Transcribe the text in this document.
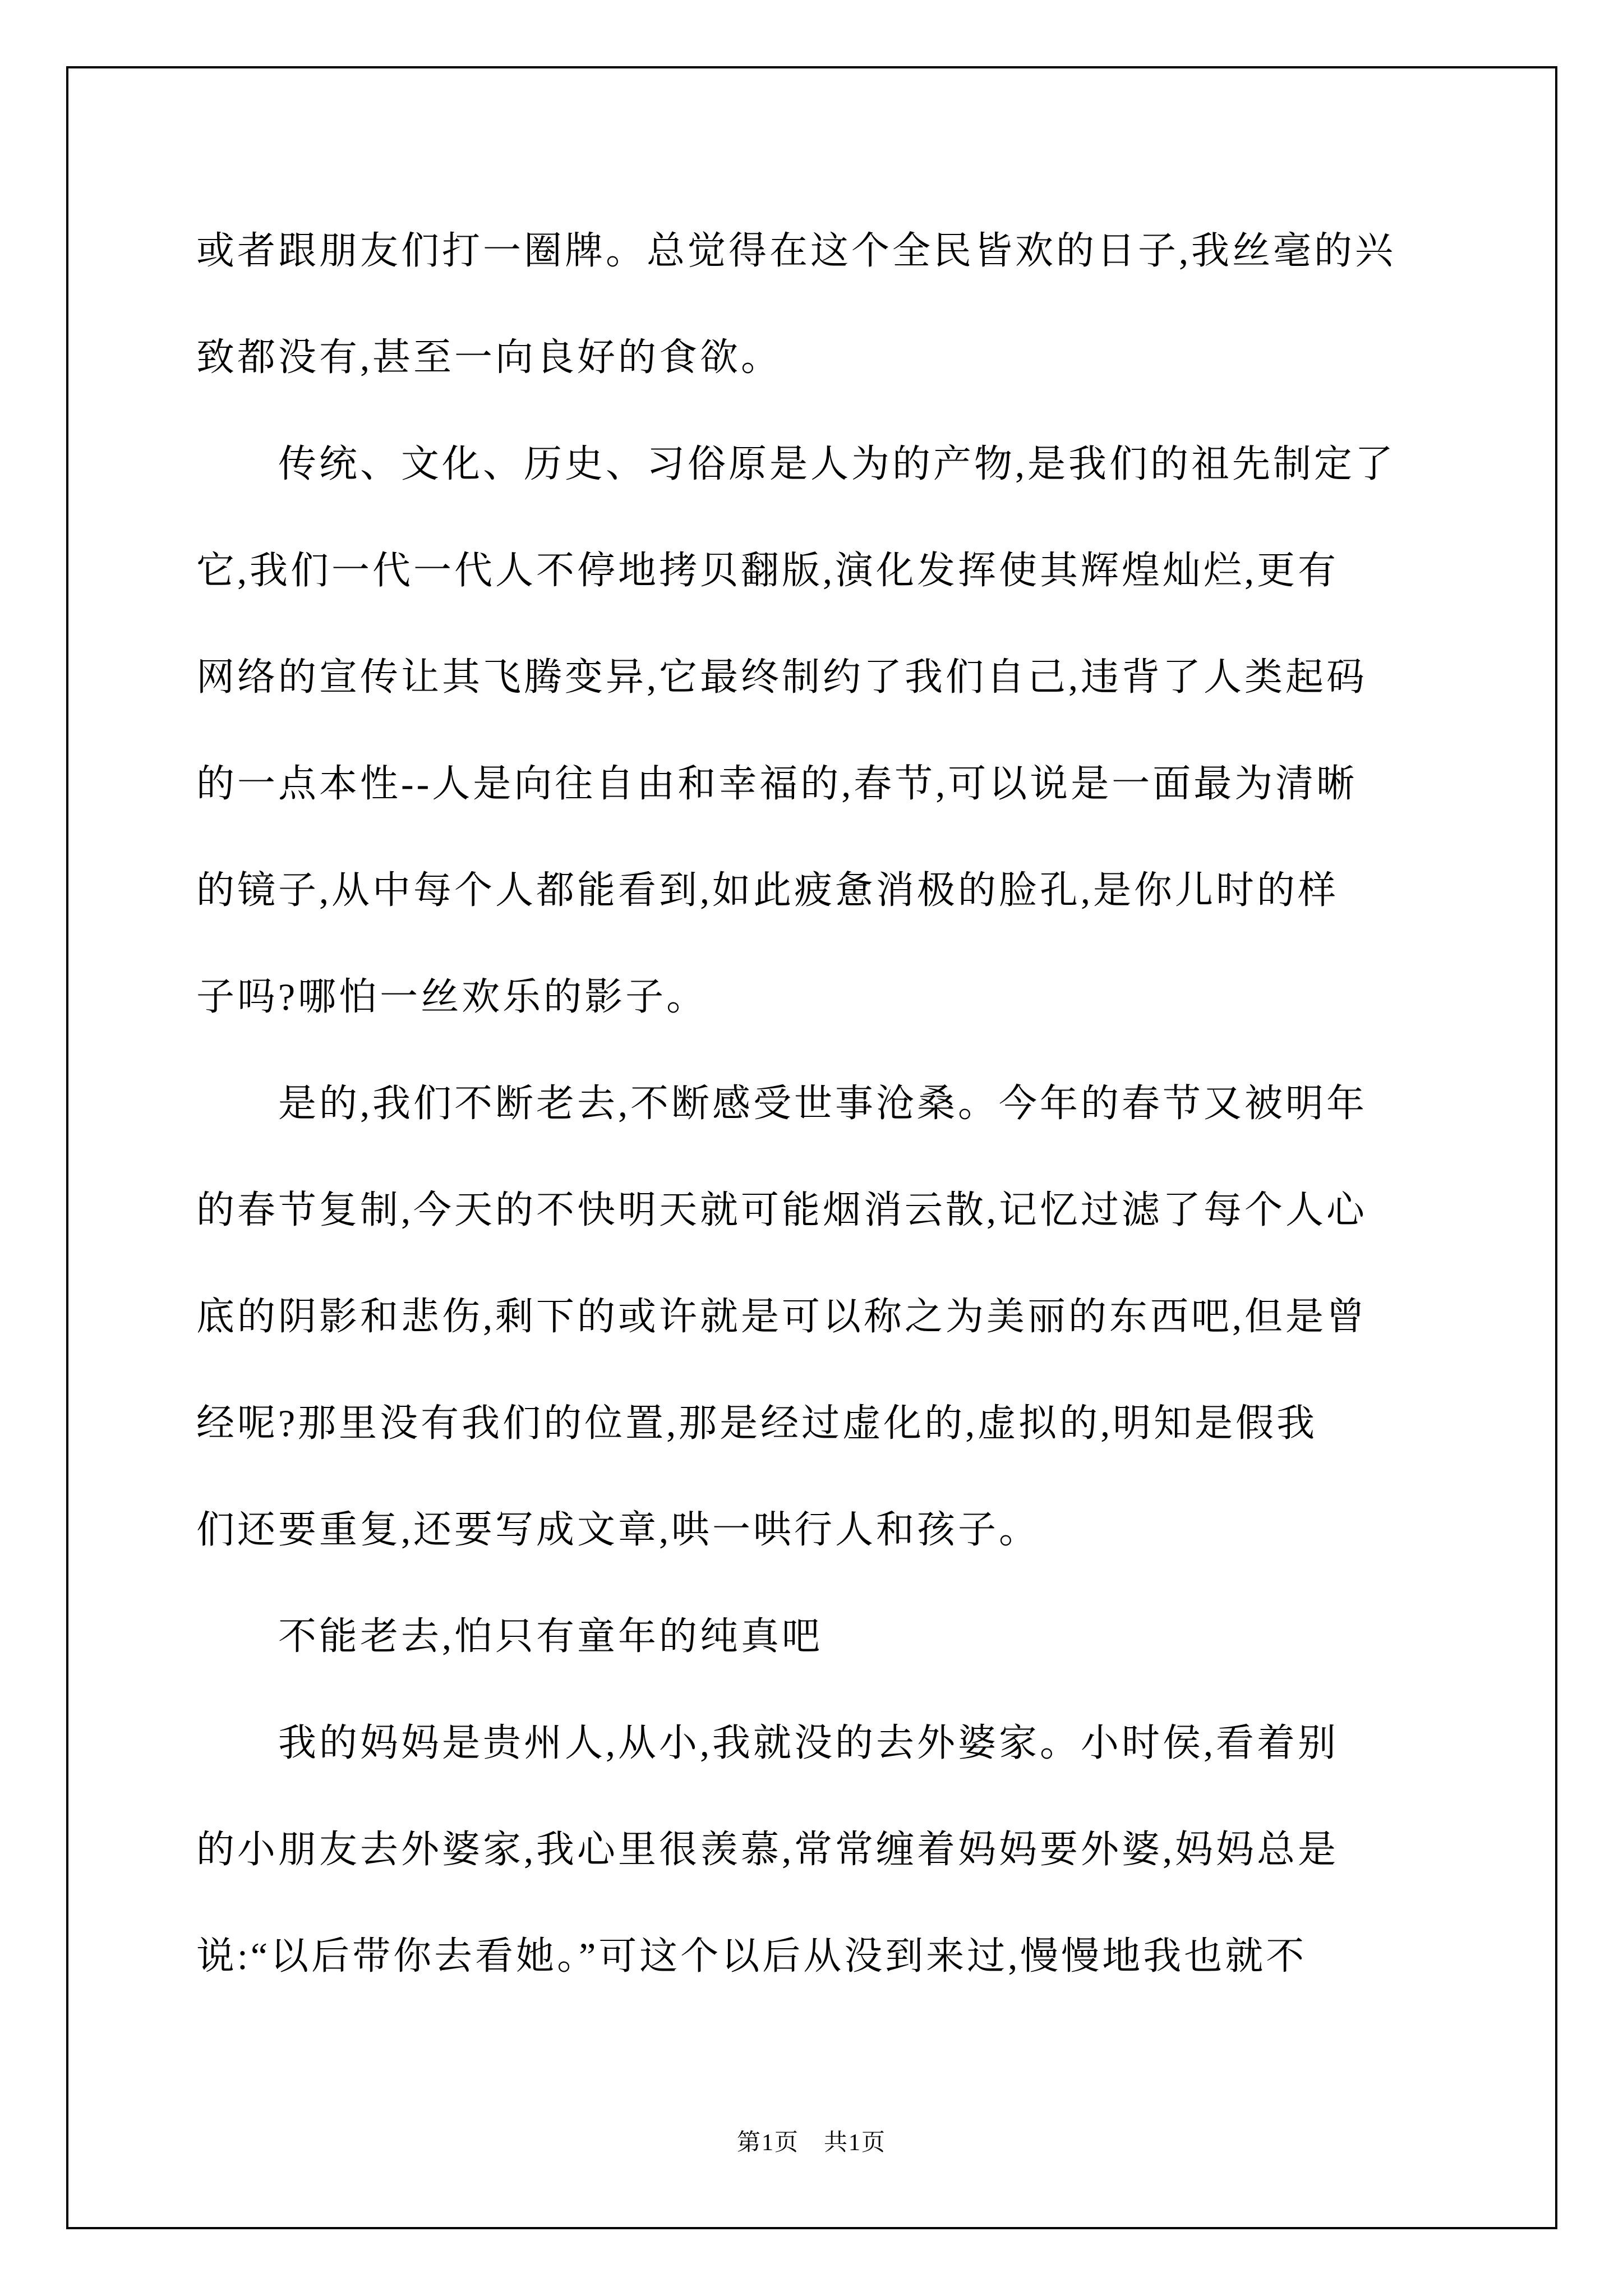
或者跟朋友们打一圈牌。总觉得在这个全民皆欢的日子,我丝毫的兴
致都没有,甚至一向良好的食欲。
　　传统、文化、历史、习俗原是人为的产物,是我们的祖先制定了
它,我们一代一代人不停地拷贝翻版,演化发挥使其辉煌灿烂,更有
网络的宣传让其飞腾变异,它最终制约了我们自己,违背了人类起码
的一点本性--人是向往自由和幸福的,春节,可以说是一面最为清晰
的镜子,从中每个人都能看到,如此疲惫消极的脸孔,是你儿时的样
子吗?哪怕一丝欢乐的影子。
　　是的,我们不断老去,不断感受世事沧桑。今年的春节又被明年
的春节复制,今天的不快明天就可能烟消云散,记忆过滤了每个人心
底的阴影和悲伤,剩下的或许就是可以称之为美丽的东西吧,但是曾
经呢?那里没有我们的位置,那是经过虚化的,虚拟的,明知是假我
们还要重复,还要写成文章,哄一哄行人和孩子。
　　不能老去,怕只有童年的纯真吧
　　我的妈妈是贵州人,从小,我就没的去外婆家。小时侯,看着别
的小朋友去外婆家,我心里很羡慕,常常缠着妈妈要外婆,妈妈总是
说:“以后带你去看她。”可这个以后从没到来过,慢慢地我也就不
第1页　共1页
